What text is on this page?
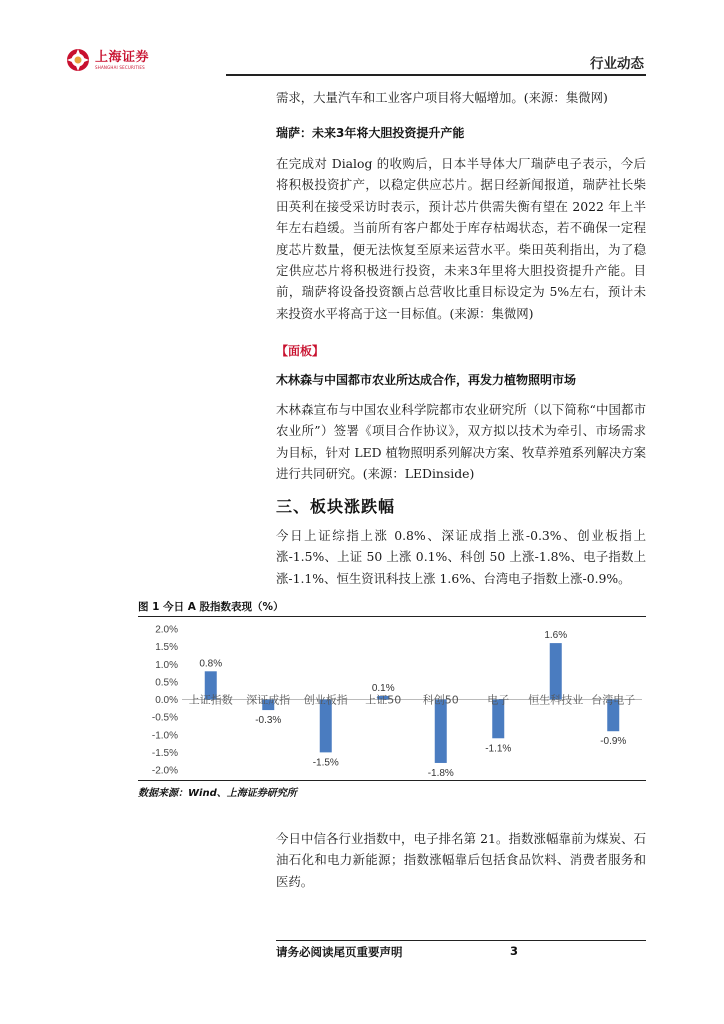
上海证券
SHANGHAI SECURITIES	行业动态
需求，大量汽车和工业客户项目将大幅增加。(来源：集微网)
瑞萨：未来3年将大胆投资提升产能
在完成对 Dialog 的收购后，日本半导体大厂瑞萨电子表示，今后将积极投资扩产，以稳定供应芯片。据日经新闻报道，瑞萨社长柴田英利在接受采访时表示，预计芯片供需失衡有望在 2022 年上半年左右趋缓。当前所有客户都处于库存枯竭状态，若不确保一定程度芯片数量，便无法恢复至原来运营水平。柴田英利指出，为了稳定供应芯片将积极进行投资，未来3年里将大胆投资提升产能。目前，瑞萨将设备投资额占总营收比重目标设定为 5%左右，预计未来投资水平将高于这一目标值。(来源：集微网)
【面板】
木林森与中国都市农业所达成合作，再发力植物照明市场
木林森宣布与中国农业科学院都市农业研究所（以下简称“中国都市农业所”）签署《项目合作协议》，双方拟以技术为牵引、市场需求为目标，针对 LED 植物照明系列解决方案、牧草养殖系列解决方案进行共同研究。(来源：LEDinside)
三、板块涨跌幅
今日上证综指上涨 0.8%、深证成指上涨-0.3%、创业板指上涨-1.5%、上证 50 上涨 0.1%、科创 50 上涨-1.8%、电子指数上涨-1.1%、恒生资讯科技上涨 1.6%、台湾电子指数上涨-0.9%。
今日中信各行业指数中，电子排名第 21。指数涨幅靠前为煤炭、石油石化和电力新能源；指数涨幅靠后包括食品饮料、消费者服务和医药。
图 1 今日 A 股指数表现（%）
2.0%
1.5%
1.0%
0.5%
0.0%
-0.5%
-1.0%
-1.5%
-2.0%
上证指数
0.8%
深证成指
-0.3%
创业板指
-1.5%
上证50
0.1%
科创50
-1.8%
电子
-1.1%
恒生科技业
1.6%
台湾电子
-0.9%
数据来源：Wind、上海证券研究所
请务必阅读尾页重要声明	3
